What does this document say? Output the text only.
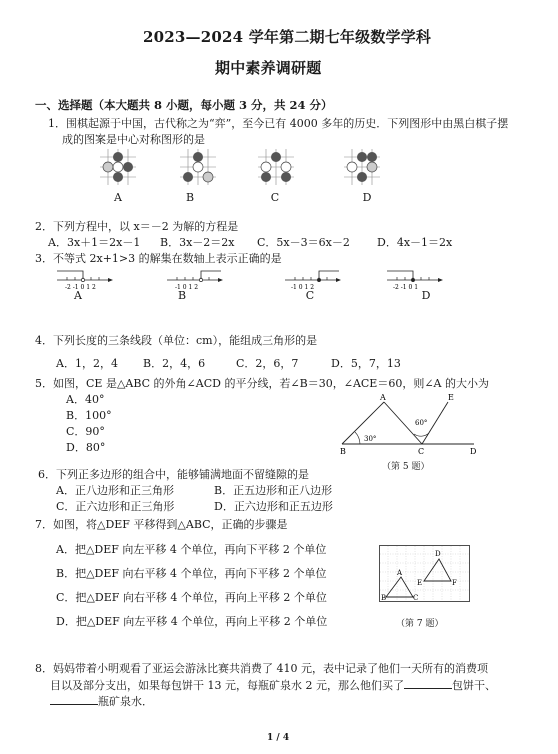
2023—2024 学年第二期七年级数学学科
期中素养调研题
一、选择题（本大题共 8 小题，每小题 3 分，共 24 分）
1．围棋起源于中国，古代称之为“弈”，至今已有 4000 多年的历史．下列图形中由黑白棋子摆
成的图案是中心对称图形的是
A	B	C	D
2．下列方程中，以 x＝－2 为解的方程是
A．3x＋1＝2x－1 B．3x－2＝2x C．5x－3＝6x－2 D．4x－1＝2x
3．不等式 2x+1>3 的解集在数轴上表示正确的是
-2 -1 0 1 2	-1 0 1 2	-1 0 1 2	-2 -1 0 1
A	B	C	D
4．下列长度的三条线段（单位：cm），能组成三角形的是
A．1，2，4 B．2，4，6	C．2，6，7	D．5，7，13
5．如图，CE 是△ABC 的外角∠ACD 的平分线，若∠B＝30，∠ACE＝60，则∠A 的大小为
A．40°
B．100°
C．90°
D．80°
A	E
B	C	D
30°
60°
（第 5 题）
6．下列正多边形的组合中，能够铺满地面不留缝隙的是
A．正八边形和正三角形	B．正五边形和正八边形
C．正六边形和正三角形	D．正六边形和正五边形
7．如图，将△DEF 平移得到△ABC，正确的步骤是
A．把△DEF 向左平移 4 个单位，再向下平移 2 个单位
B．把△DEF 向右平移 4 个单位，再向下平移 2 个单位
C．把△DEF 向右平移 4 个单位，再向上平移 2 个单位
D．把△DEF 向左平移 4 个单位，再向上平移 2 个单位
D
A
E	F
B	C
（第 7 题）
8．妈妈带着小明观看了亚运会游泳比赛共消费了 410 元，表中记录了他们一天所有的消费项
目以及部分支出，如果每包饼干 13 元，每瓶矿泉水 2 元，那么他们买了	包饼干、
瓶矿泉水．
1 / 4
